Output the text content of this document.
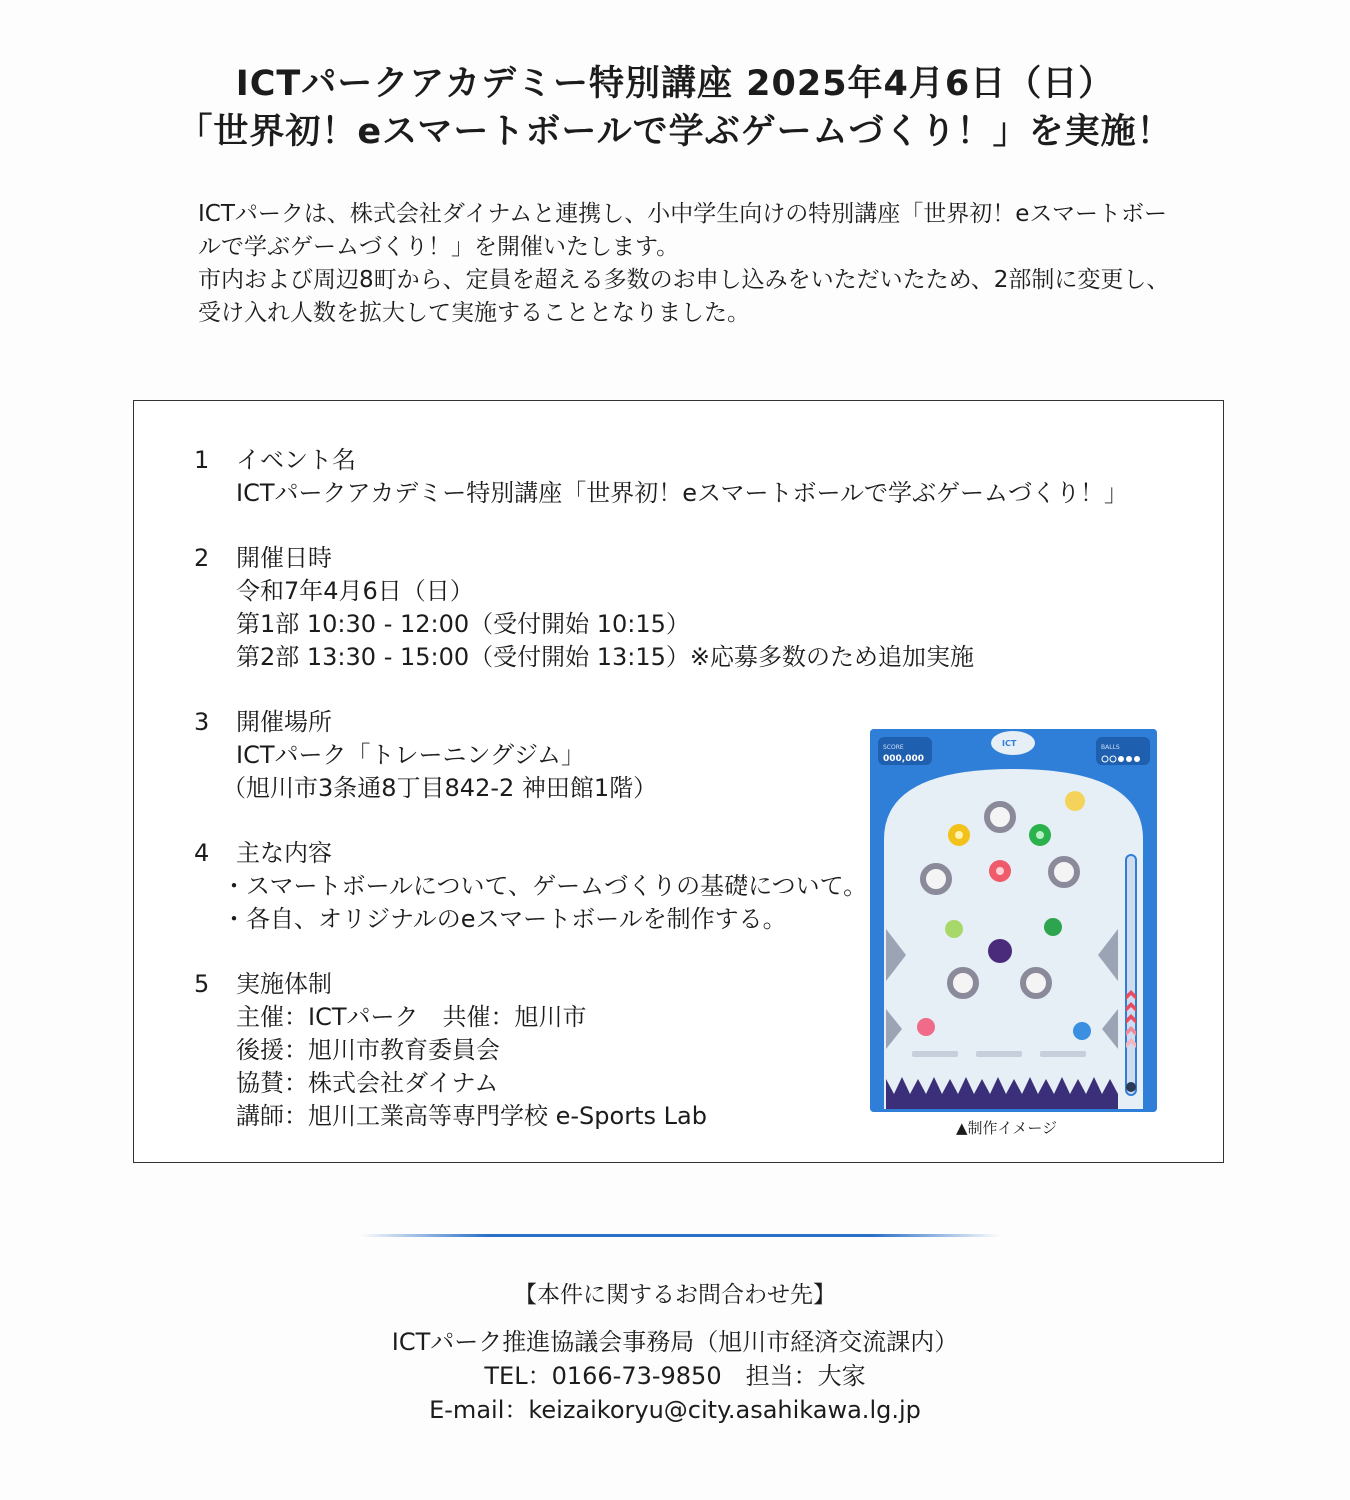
ICTパークアカデミー特別講座 2025年4月6日（日）
「世界初！eスマートボールで学ぶゲームづくり！」を実施！

ICTパークは、株式会社ダイナムと連携し、小中学生向けの特別講座「世界初！eスマートボールで学ぶゲームづくり！」を開催いたします。

市内および周辺8町から、定員を超える多数のお申し込みをいただいたため、2部制に変更し、受け入れ人数を拡大して実施することとなりました。

1 イベント名
ICTパークアカデミー特別講座「世界初！eスマートボールで学ぶゲームづくり！」
2 開催日時
令和7年4月6日（日）
第1部 10:30 - 12:00（受付開始 10:15）
第2部 13:30 - 15:00（受付開始 13:15）※応募多数のため追加実施
3 開催場所
ICTパーク「トレーニングジム」
（旭川市3条通8丁目842-2 神田館1階）
4 主な内容
・スマートボールについて、ゲームづくりの基礎について。
・各自、オリジナルのeスマートボールを制作する。
5 実施体制
主催：ICTパーク　共催：旭川市
後援：旭川市教育委員会
協賛：株式会社ダイナム
講師：旭川工業高等専門学校 e-Sports Lab
SCORE
000,000
ICT	BALLS
▲制作イメージ

【本件に関するお問合わせ先】

ICTパーク推進協議会事務局（旭川市経済交流課内）

TEL：0166-73-9850　担当：大家

E-mail：keizaikoryu@city.asahikawa.lg.jp
